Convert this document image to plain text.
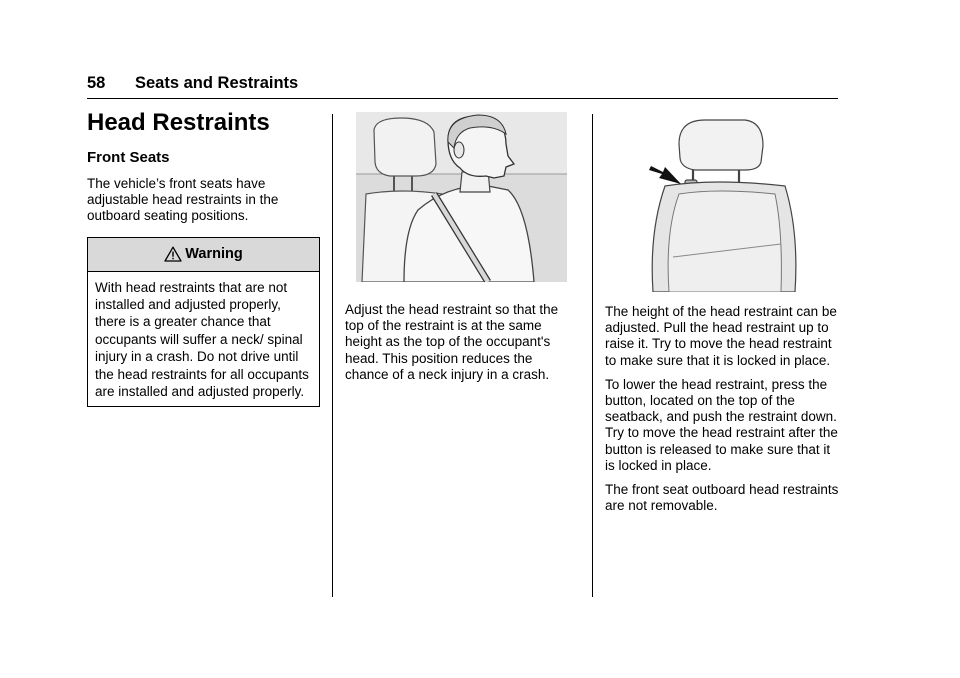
58 Seats and Restraints
Head Restraints
Front Seats

The vehicle’s front seats have adjustable head restraints in the outboard seating positions.

Warning
With head restraints that are not installed and adjusted properly, there is a greater chance that occupants will suffer a neck/ spinal injury in a crash. Do not drive until the head restraints for all occupants are installed and adjusted properly.

Adjust the head restraint so that the top of the restraint is at the same height as the top of the occupant's head. This position reduces the chance of a neck injury in a crash.

The height of the head restraint can be adjusted. Pull the head restraint up to raise it. Try to move the head restraint to make sure that it is locked in place.

To lower the head restraint, press the button, located on the top of the seatback, and push the restraint down. Try to move the head restraint after the button is released to make sure that it is locked in place.

The front seat outboard head restraints are not removable.
